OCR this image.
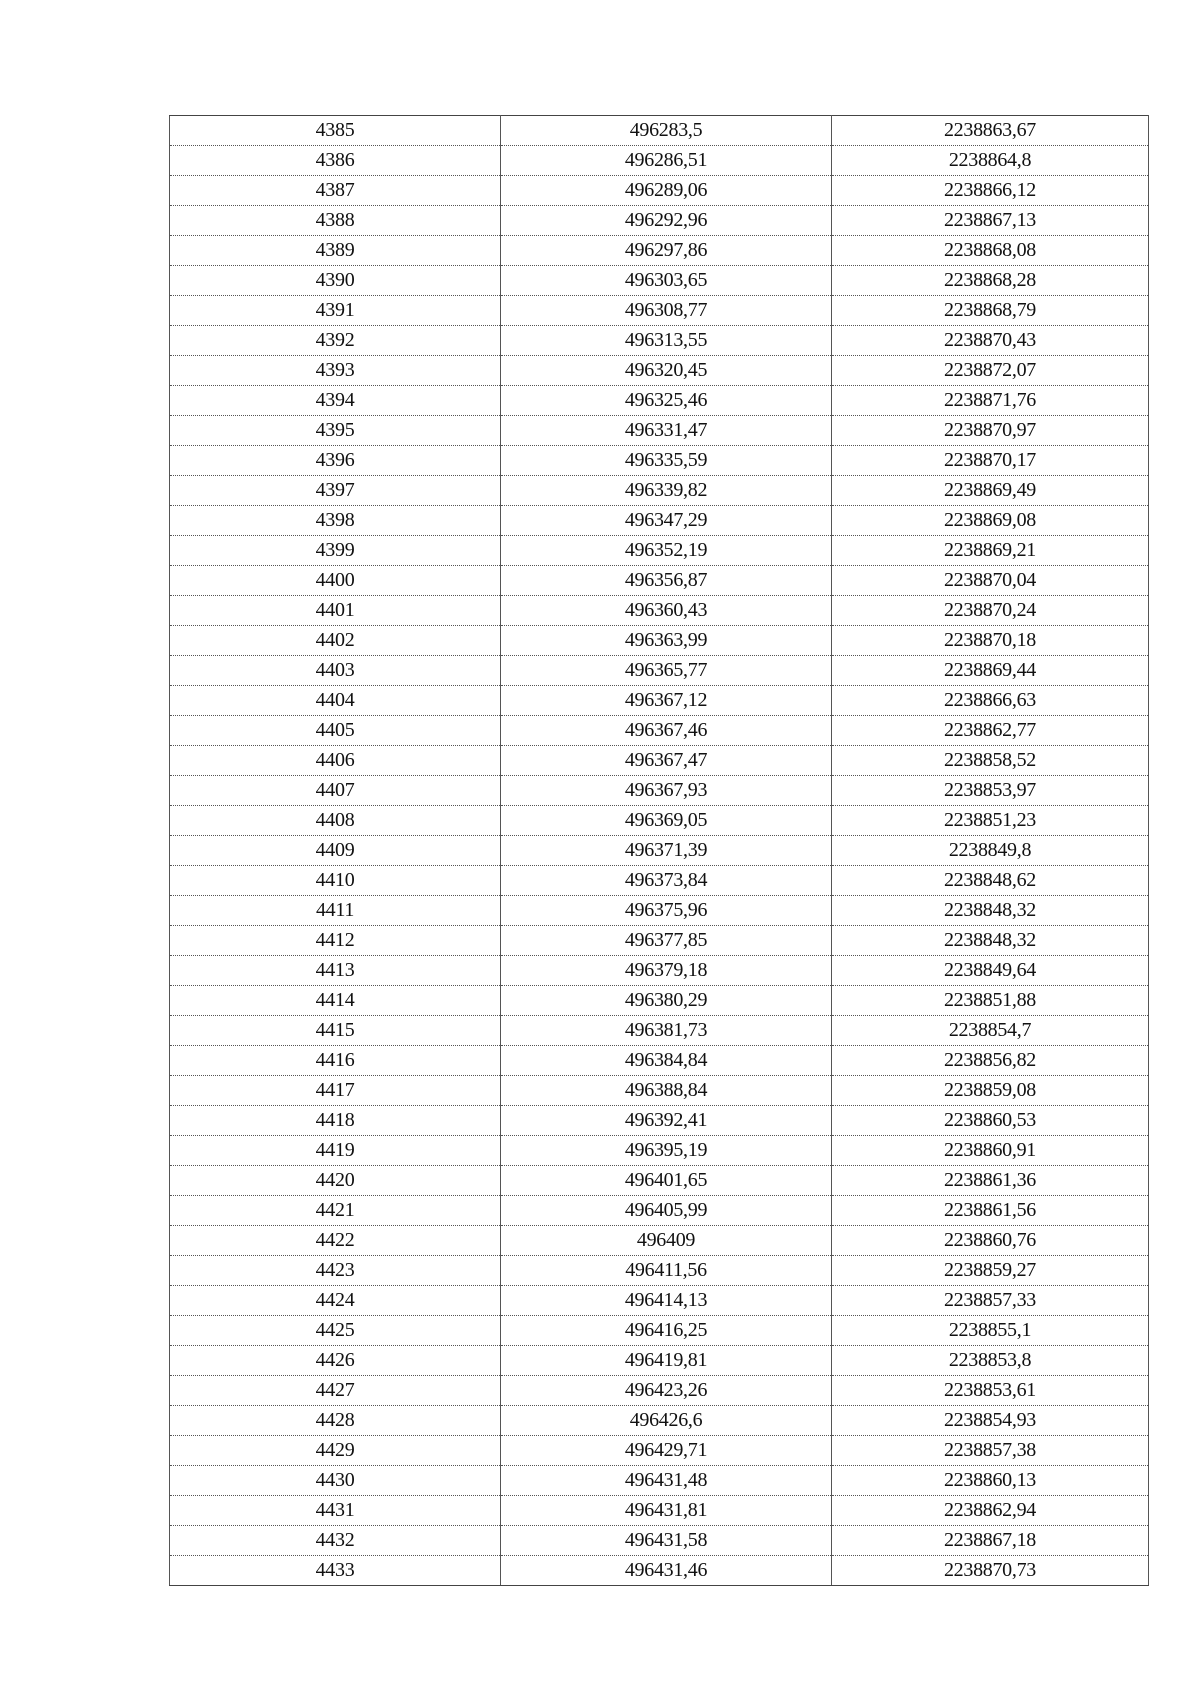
4385	496283,5	2238863,67
4386	496286,51	2238864,8
4387	496289,06	2238866,12
4388	496292,96	2238867,13
4389	496297,86	2238868,08
4390	496303,65	2238868,28
4391	496308,77	2238868,79
4392	496313,55	2238870,43
4393	496320,45	2238872,07
4394	496325,46	2238871,76
4395	496331,47	2238870,97
4396	496335,59	2238870,17
4397	496339,82	2238869,49
4398	496347,29	2238869,08
4399	496352,19	2238869,21
4400	496356,87	2238870,04
4401	496360,43	2238870,24
4402	496363,99	2238870,18
4403	496365,77	2238869,44
4404	496367,12	2238866,63
4405	496367,46	2238862,77
4406	496367,47	2238858,52
4407	496367,93	2238853,97
4408	496369,05	2238851,23
4409	496371,39	2238849,8
4410	496373,84	2238848,62
4411	496375,96	2238848,32
4412	496377,85	2238848,32
4413	496379,18	2238849,64
4414	496380,29	2238851,88
4415	496381,73	2238854,7
4416	496384,84	2238856,82
4417	496388,84	2238859,08
4418	496392,41	2238860,53
4419	496395,19	2238860,91
4420	496401,65	2238861,36
4421	496405,99	2238861,56
4422	496409	2238860,76
4423	496411,56	2238859,27
4424	496414,13	2238857,33
4425	496416,25	2238855,1
4426	496419,81	2238853,8
4427	496423,26	2238853,61
4428	496426,6	2238854,93
4429	496429,71	2238857,38
4430	496431,48	2238860,13
4431	496431,81	2238862,94
4432	496431,58	2238867,18
4433	496431,46	2238870,73
